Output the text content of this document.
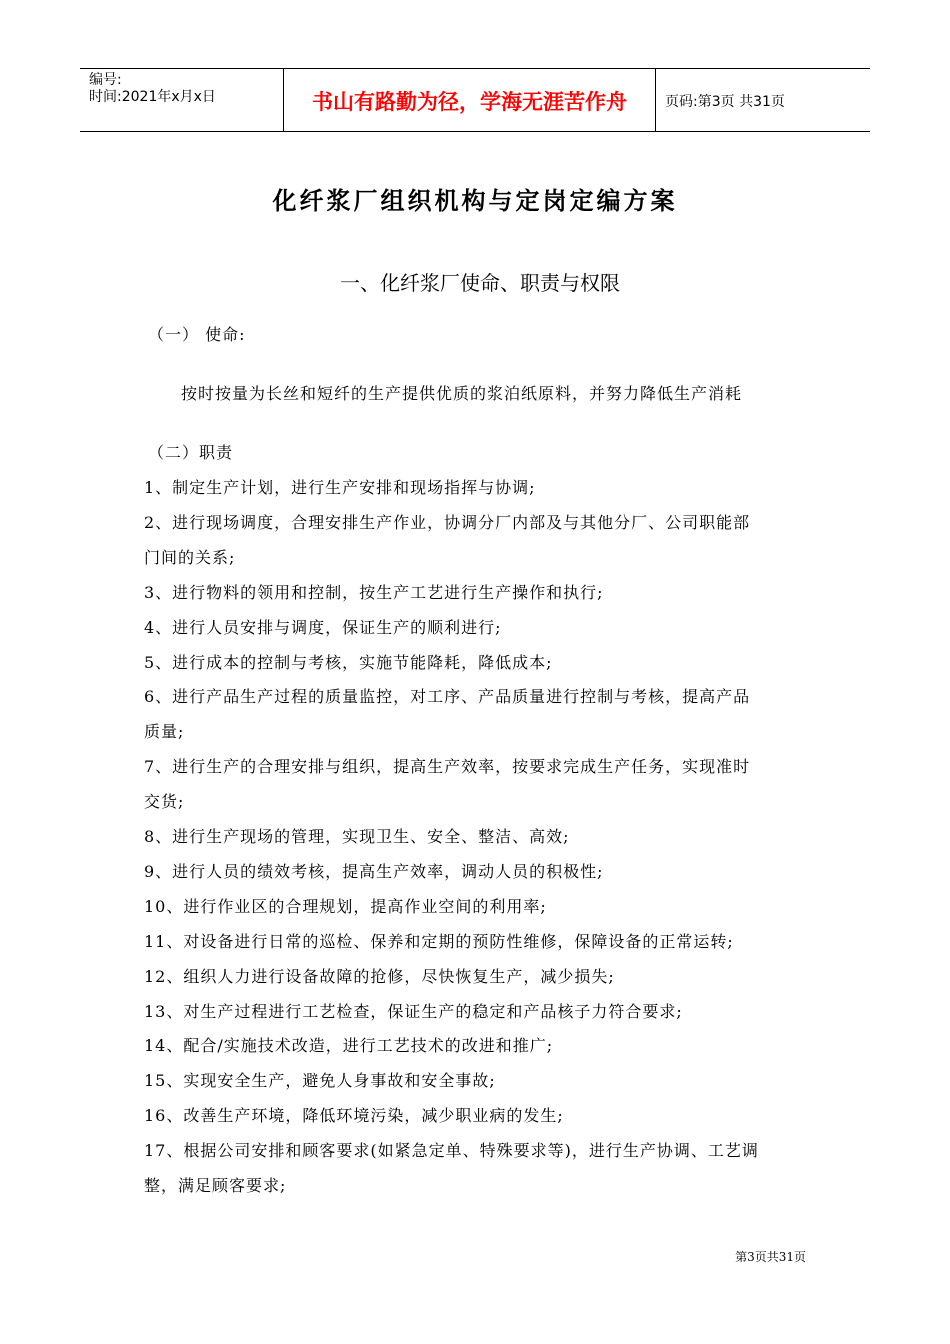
编号:
时间:2021年x月x日	书山有路勤为径，学海无涯苦作舟	页码:第3页 共31页
化纤浆厂组织机构与定岗定编方案
一、化纤浆厂使命、职责与权限
（一） 使命:
按时按量为长丝和短纤的生产提供优质的浆泊纸原料，并努力降低生产消耗
（二）职责
1、制定生产计划，进行生产安排和现场指挥与协调;
2、进行现场调度，合理安排生产作业，协调分厂内部及与其他分厂、公司职能部
门间的关系;
3、进行物料的领用和控制，按生产工艺进行生产操作和执行;
4、进行人员安排与调度，保证生产的顺利进行;
5、进行成本的控制与考核，实施节能降耗，降低成本;
6、进行产品生产过程的质量监控，对工序、产品质量进行控制与考核，提高产品
质量;
7、进行生产的合理安排与组织，提高生产效率，按要求完成生产任务，实现准时
交货;
8、进行生产现场的管理，实现卫生、安全、整洁、高效;
9、进行人员的绩效考核，提高生产效率，调动人员的积极性;
10、进行作业区的合理规划，提高作业空间的利用率;
11、对设备进行日常的巡检、保养和定期的预防性维修，保障设备的正常运转;
12、组织人力进行设备故障的抢修，尽快恢复生产，减少损失;
13、对生产过程进行工艺检查，保证生产的稳定和产品核子力符合要求;
14、配合/实施技术改造，进行工艺技术的改进和推广;
15、实现安全生产，避免人身事故和安全事故;
16、改善生产环境，降低环境污染，减少职业病的发生;
17、根据公司安排和顾客要求(如紧急定单、特殊要求等)，进行生产协调、工艺调
整，满足顾客要求;
第3页共31页
